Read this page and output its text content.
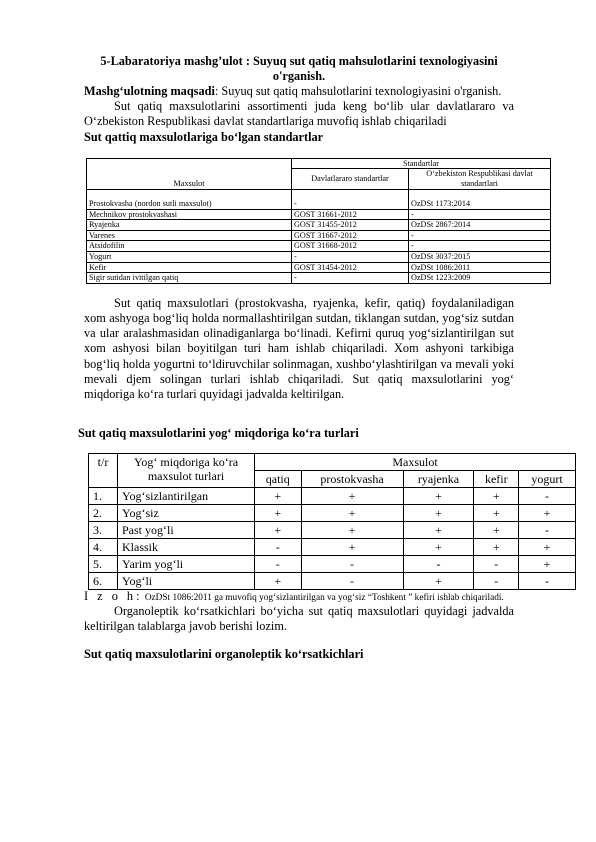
5-Labaratoriya mashg’ulot : Suyuq sut qatiq mahsulotlarini texnologiyasini
o'rganish.

Mashg‘ulotning maqsadi: Suyuq sut qatiq mahsulotlarini texnologiyasini o'rganish.

Sut qatiq maxsulotlarini assortimenti juda keng bo‘lib ular davlatlararo va O‘zbekiston Respublikasi davlat standartlariga muvofiq ishlab chiqariladi

Sut qattiq maxsulotlariga bo‘lgan standartlar

Maxsulot	Standartlar	
	Davlatlararo standartlar	O‘zbekiston Respublikasi davlat standartlari
Prostokvasha (nordon sutli maxsulot)	-	OzDSt 1173:2014
Mechnikov prostokvashasi	GOST 31661-2012	-
Ryajenka	GOST 31455-2012	OzDSt 2867:2014
Varenes	GOST 31667-2012	-
Atsidofilin	GOST 31668-2012	-
Yogurt	-	OzDSt 3037:2015
Kefir	GOST 31454-2012	OzDSt 1086:2011
Sigir sutidan ivitilgan qatiq	-	OzDSt 1223:2009

Sut qatiq maxsulotlari (prostokvasha, ryajenka, kefir, qatiq) foydalaniladigan xom ashyoga bog‘liq holda normallashtirilgan sutdan, tiklangan sutdan, yog‘siz sutdan va ular aralashmasidan olinadiganlarga bo‘linadi. Kefirni quruq yog‘sizlantirilgan sut xom ashyosi bilan boyitilgan turi ham ishlab chiqariladi. Xom ashyoni tarkibiga bog‘liq holda yogurtni to‘ldiruvchilar solinmagan, xushbo‘ylashtirilgan va mevali yoki mevali djem solingan turlari ishlab chiqariladi. Sut qatiq maxsulotlarini yog‘ miqdoriga ko‘ra turlari quyidagi jadvalda keltirilgan.

Sut qatiq maxsulotlarini yog‘ miqdoriga ko‘ra turlari

t/r	Yog‘ miqdoriga ko‘ra maxsulot turlari	Maxsulot				
		qatiq	prostokvasha	ryajenka	kefir	yogurt
1.	Yog‘sizlantirilgan	+	+	+	+	-
2.	Yog‘siz	+	+	+	+	+
3.	Past yog‘li	+	+	+	+	-
4.	Klassik	-	+	+	+	+
5.	Yarim yog‘li	-	-	-	-	+
6.	Yog‘li	+	-	+	-	-

I z o h: OzDSt 1086:2011 ga muvofiq yog‘sizlantirilgan va yog‘siz “Toshkent ” kefiri ishlab chiqariladi.

Organoleptik ko‘rsatkichlari bo‘yicha sut qatiq maxsulotlari quyidagi jadvalda keltirilgan talablarga javob berishi lozim.

Sut qatiq maxsulotlarini organoleptik ko‘rsatkichlari
